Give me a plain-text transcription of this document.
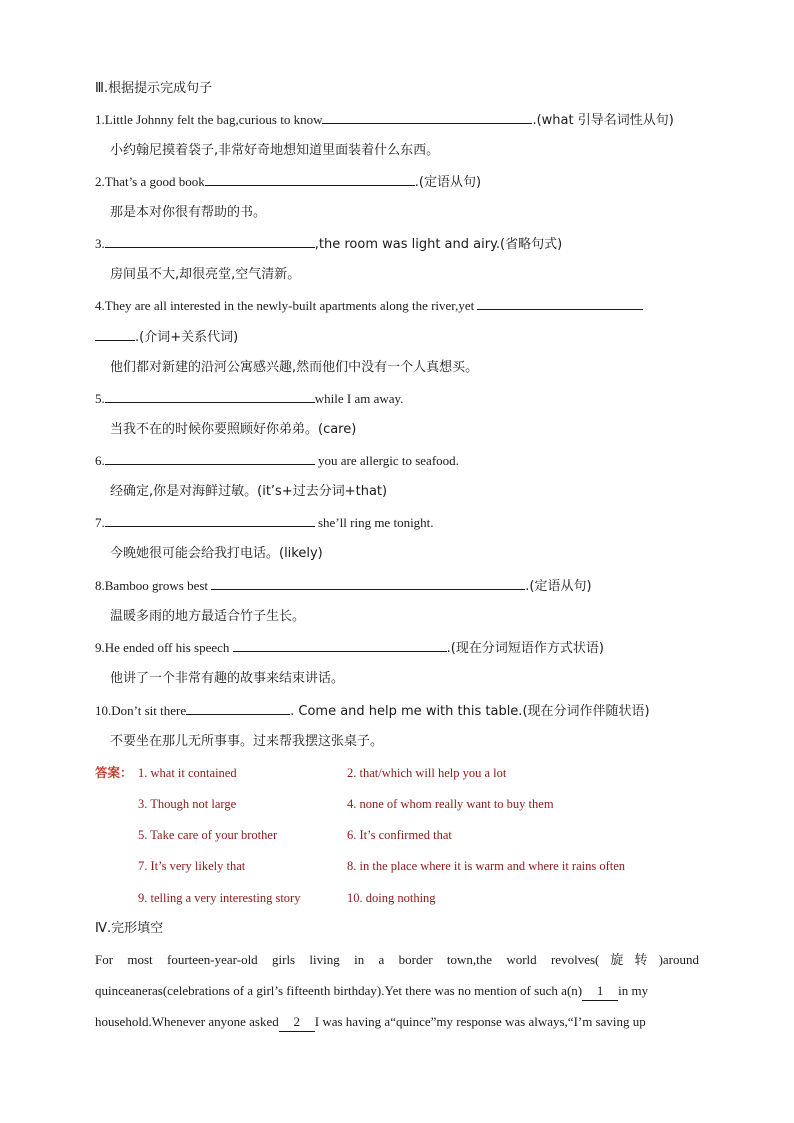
Ⅲ.根据提示完成句子
1.Little Johnny felt the bag,curious to know	.(what 引导名词性从句)
小约翰尼摸着袋子,非常好奇地想知道里面装着什么东西。
2.That’s a good book	.(定语从句)
那是本对你很有帮助的书。
3.	,the room was light and airy.(省略句式)
房间虽不大,却很亮堂,空气清新。
4.They are all interested in the newly-built apartments along the river,yet
.(介词+关系代词)
他们都对新建的沿河公寓感兴趣,然而他们中没有一个人真想买。
5.	while I am away.
当我不在的时候你要照顾好你弟弟。(care)
6.	you are allergic to seafood.
经确定,你是对海鲜过敏。(it’s+过去分词+that)
7.	she’ll ring me tonight.
今晚她很可能会给我打电话。(likely)
8.Bamboo grows best	.(定语从句)
温暖多雨的地方最适合竹子生长。
9.He ended off his speech	.(现在分词短语作方式状语)
他讲了一个非常有趣的故事来结束讲话。
10.Don’t sit there	. Come and help me with this table.(现在分词作伴随状语)
不要坐在那儿无所事事。过来帮我摆这张桌子。
答案： 1. what it contained	2. that/which will help you a lot
3. Though not large	4. none of whom really want to buy them
5. Take care of your brother	6. It’s confirmed that
7. It’s very likely that	8. in the place where it is warm and where it rains often
9. telling a very interesting story	10. doing nothing
Ⅳ.完形填空
For most fourteen-year-old girls living in a border town,the world revolves(旋转)around
quinceaneras(celebrations of a girl’s fifteenth birthday).Yet there was no mention of such a(n) 1 in my
household.Whenever anyone asked 2 I was having a“quince”my response was always,“I’m saving up
